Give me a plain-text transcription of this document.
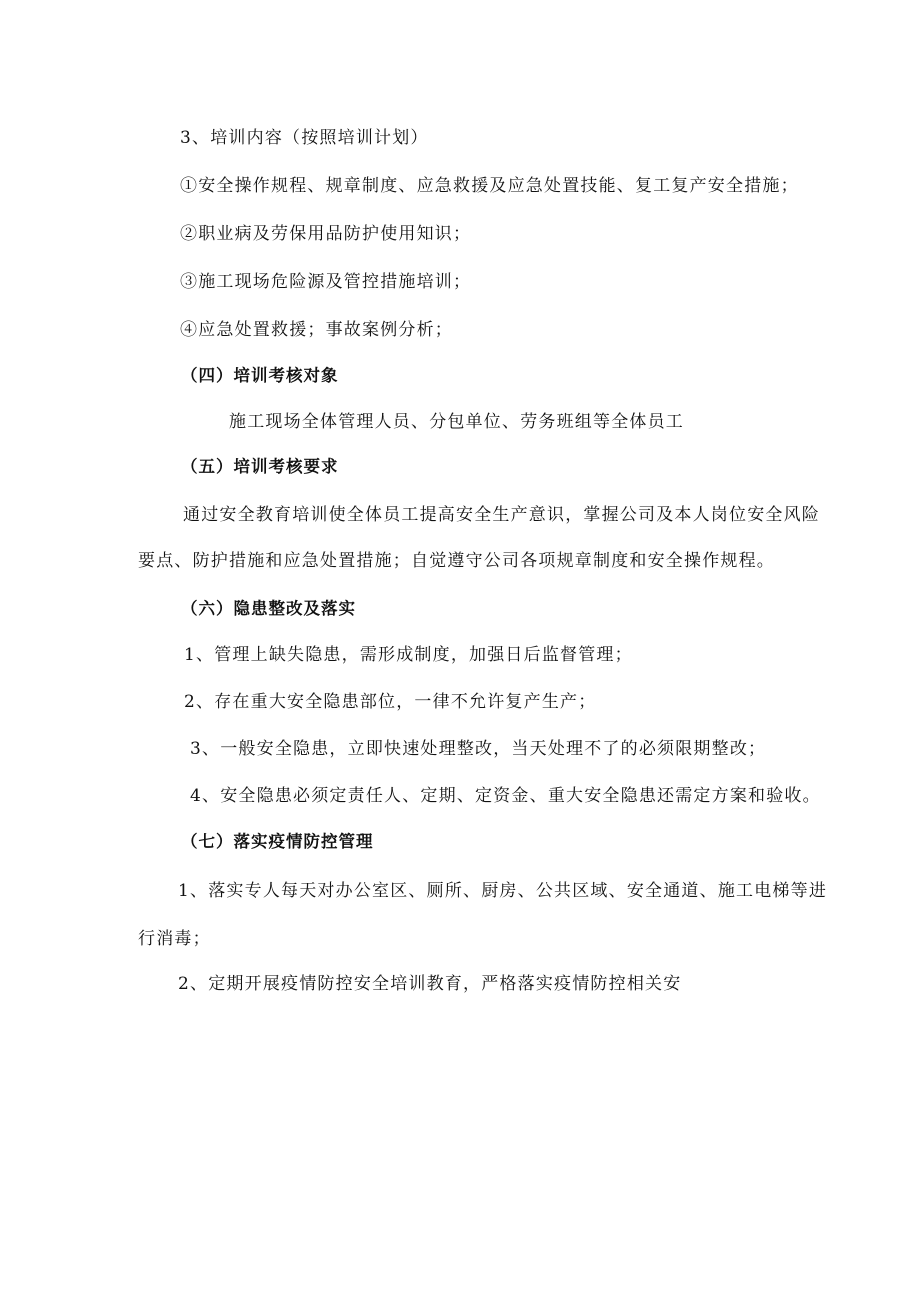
3、培训内容（按照培训计划）

①安全操作规程、规章制度、应急救援及应急处置技能、复工复产安全措施；

②职业病及劳保用品防护使用知识；

③施工现场危险源及管控措施培训；

④应急处置救援；事故案例分析；

（四）培训考核对象

施工现场全体管理人员、分包单位、劳务班组等全体员工

（五）培训考核要求

通过安全教育培训使全体员工提高安全生产意识，掌握公司及本人岗位安全风险

要点、防护措施和应急处置措施；自觉遵守公司各项规章制度和安全操作规程。

（六）隐患整改及落实

1、管理上缺失隐患，需形成制度，加强日后监督管理；

2、存在重大安全隐患部位，一律不允许复产生产；

3、一般安全隐患，立即快速处理整改，当天处理不了的必须限期整改；

4、安全隐患必须定责任人、定期、定资金、重大安全隐患还需定方案和验收。

（七）落实疫情防控管理

1、落实专人每天对办公室区、厕所、厨房、公共区域、安全通道、施工电梯等进

行消毒；

2、定期开展疫情防控安全培训教育，严格落实疫情防控相关安
